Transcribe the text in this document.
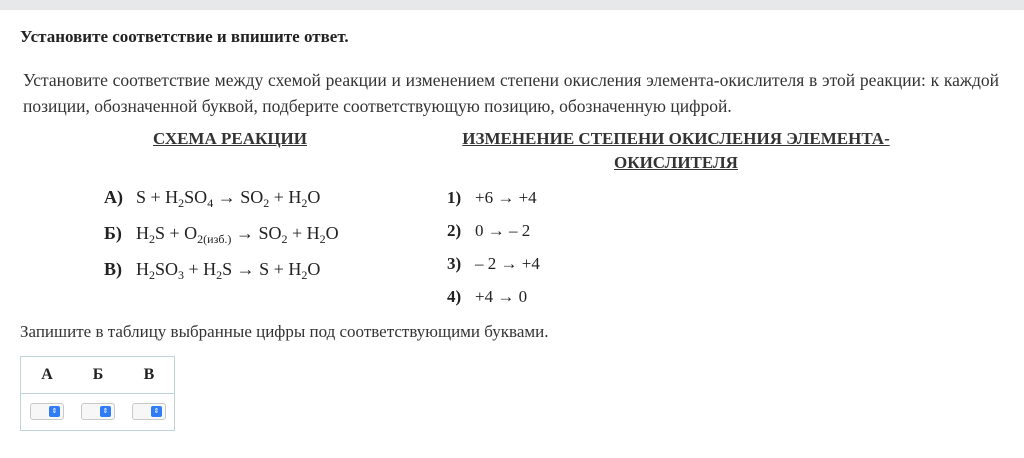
Установите соответствие и впишите ответ.
Установите соответствие между схемой реакции и изменением степени окисления элемента-окислителя в этой реакции: к каждой позиции, обозначенной буквой, подберите соответствующую позицию, обозначенную цифрой.
СХЕМА РЕАКЦИИ	ИЗМЕНЕНИЕ СТЕПЕНИ ОКИСЛЕНИЯ ЭЛЕМЕНТА-

ОКИСЛИТЕЛЯ
А) $S + H_2SO_4 \to SO_2 + H_2O$
Б) $H_2S + O_{2(изб.)} \to SO_2 + H_2O$
В) $H_2SO_3 + H_2S \to S + H_2O$
1) +6 → +4
2) 0 → – 2
3) – 2 → +4
4) +4 → 0
Запишите в таблицу выбранные цифры под соответствующими буквами.
А	Б	В
⇕	⇕	⇕
